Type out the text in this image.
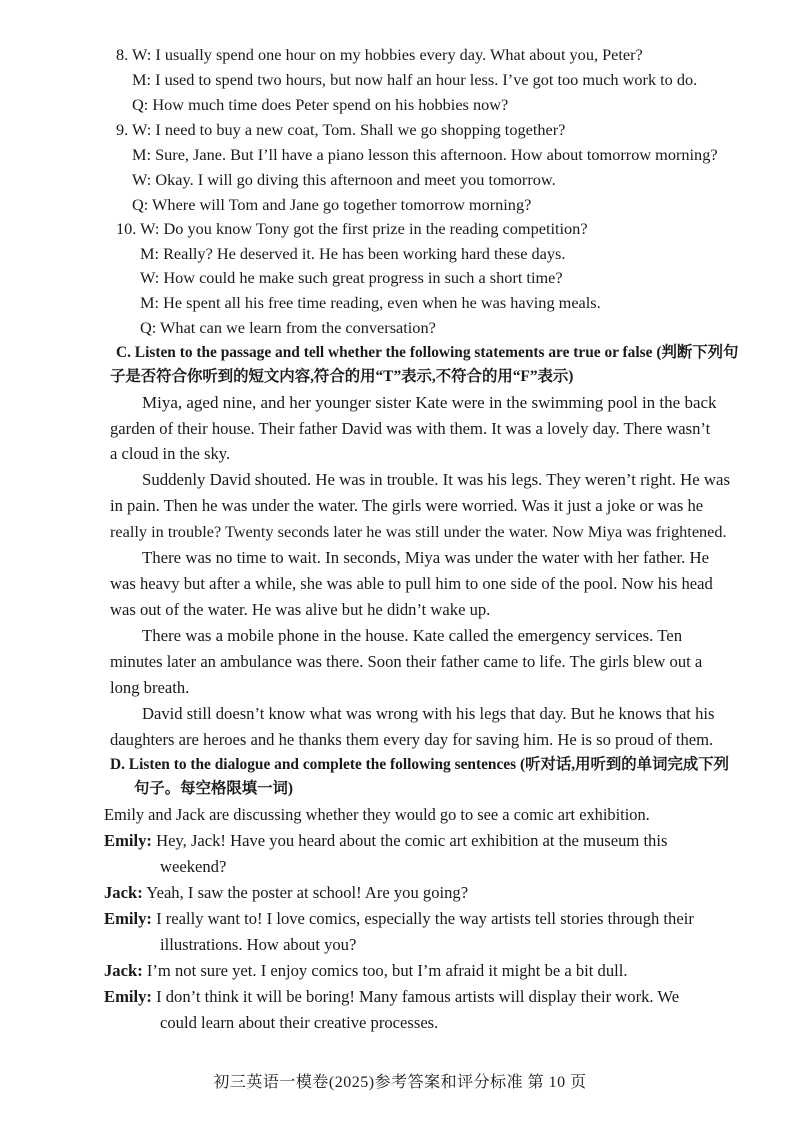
8. W: I usually spend one hour on my hobbies every day. What about you, Peter?
M: I used to spend two hours, but now half an hour less. I’ve got too much work to do.
Q: How much time does Peter spend on his hobbies now?
9. W: I need to buy a new coat, Tom. Shall we go shopping together?
M: Sure, Jane. But I’ll have a piano lesson this afternoon. How about tomorrow morning?
W: Okay. I will go diving this afternoon and meet you tomorrow.
Q: Where will Tom and Jane go together tomorrow morning?
10. W: Do you know Tony got the first prize in the reading competition?
M: Really? He deserved it. He has been working hard these days.
W: How could he make such great progress in such a short time?
M: He spent all his free time reading, even when he was having meals.
Q: What can we learn from the conversation?
C. Listen to the passage and tell whether the following statements are true or false (判断下列句
子是否符合你听到的短文内容,符合的用“T”表示,不符合的用“F”表示)
Miya, aged nine, and her younger sister Kate were in the swimming pool in the back
garden of their house. Their father David was with them. It was a lovely day. There wasn’t
a cloud in the sky.
Suddenly David shouted. He was in trouble. It was his legs. They weren’t right. He was
in pain. Then he was under the water. The girls were worried. Was it just a joke or was he
really in trouble? Twenty seconds later he was still under the water. Now Miya was frightened.
There was no time to wait. In seconds, Miya was under the water with her father. He
was heavy but after a while, she was able to pull him to one side of the pool. Now his head
was out of the water. He was alive but he didn’t wake up.
There was a mobile phone in the house. Kate called the emergency services. Ten
minutes later an ambulance was there. Soon their father came to life. The girls blew out a
long breath.
David still doesn’t know what was wrong with his legs that day. But he knows that his
daughters are heroes and he thanks them every day for saving him. He is so proud of them.
D. Listen to the dialogue and complete the following sentences (听对话,用听到的单词完成下列
句子。每空格限填一词)
Emily and Jack are discussing whether they would go to see a comic art exhibition.
Emily: Hey, Jack! Have you heard about the comic art exhibition at the museum this
weekend?
Jack: Yeah, I saw the poster at school! Are you going?
Emily: I really want to! I love comics, especially the way artists tell stories through their
illustrations. How about you?
Jack: I’m not sure yet. I enjoy comics too, but I’m afraid it might be a bit dull.
Emily: I don’t think it will be boring! Many famous artists will display their work. We
could learn about their creative processes.
初三英语一模卷(2025)参考答案和评分标准 第 10 页
